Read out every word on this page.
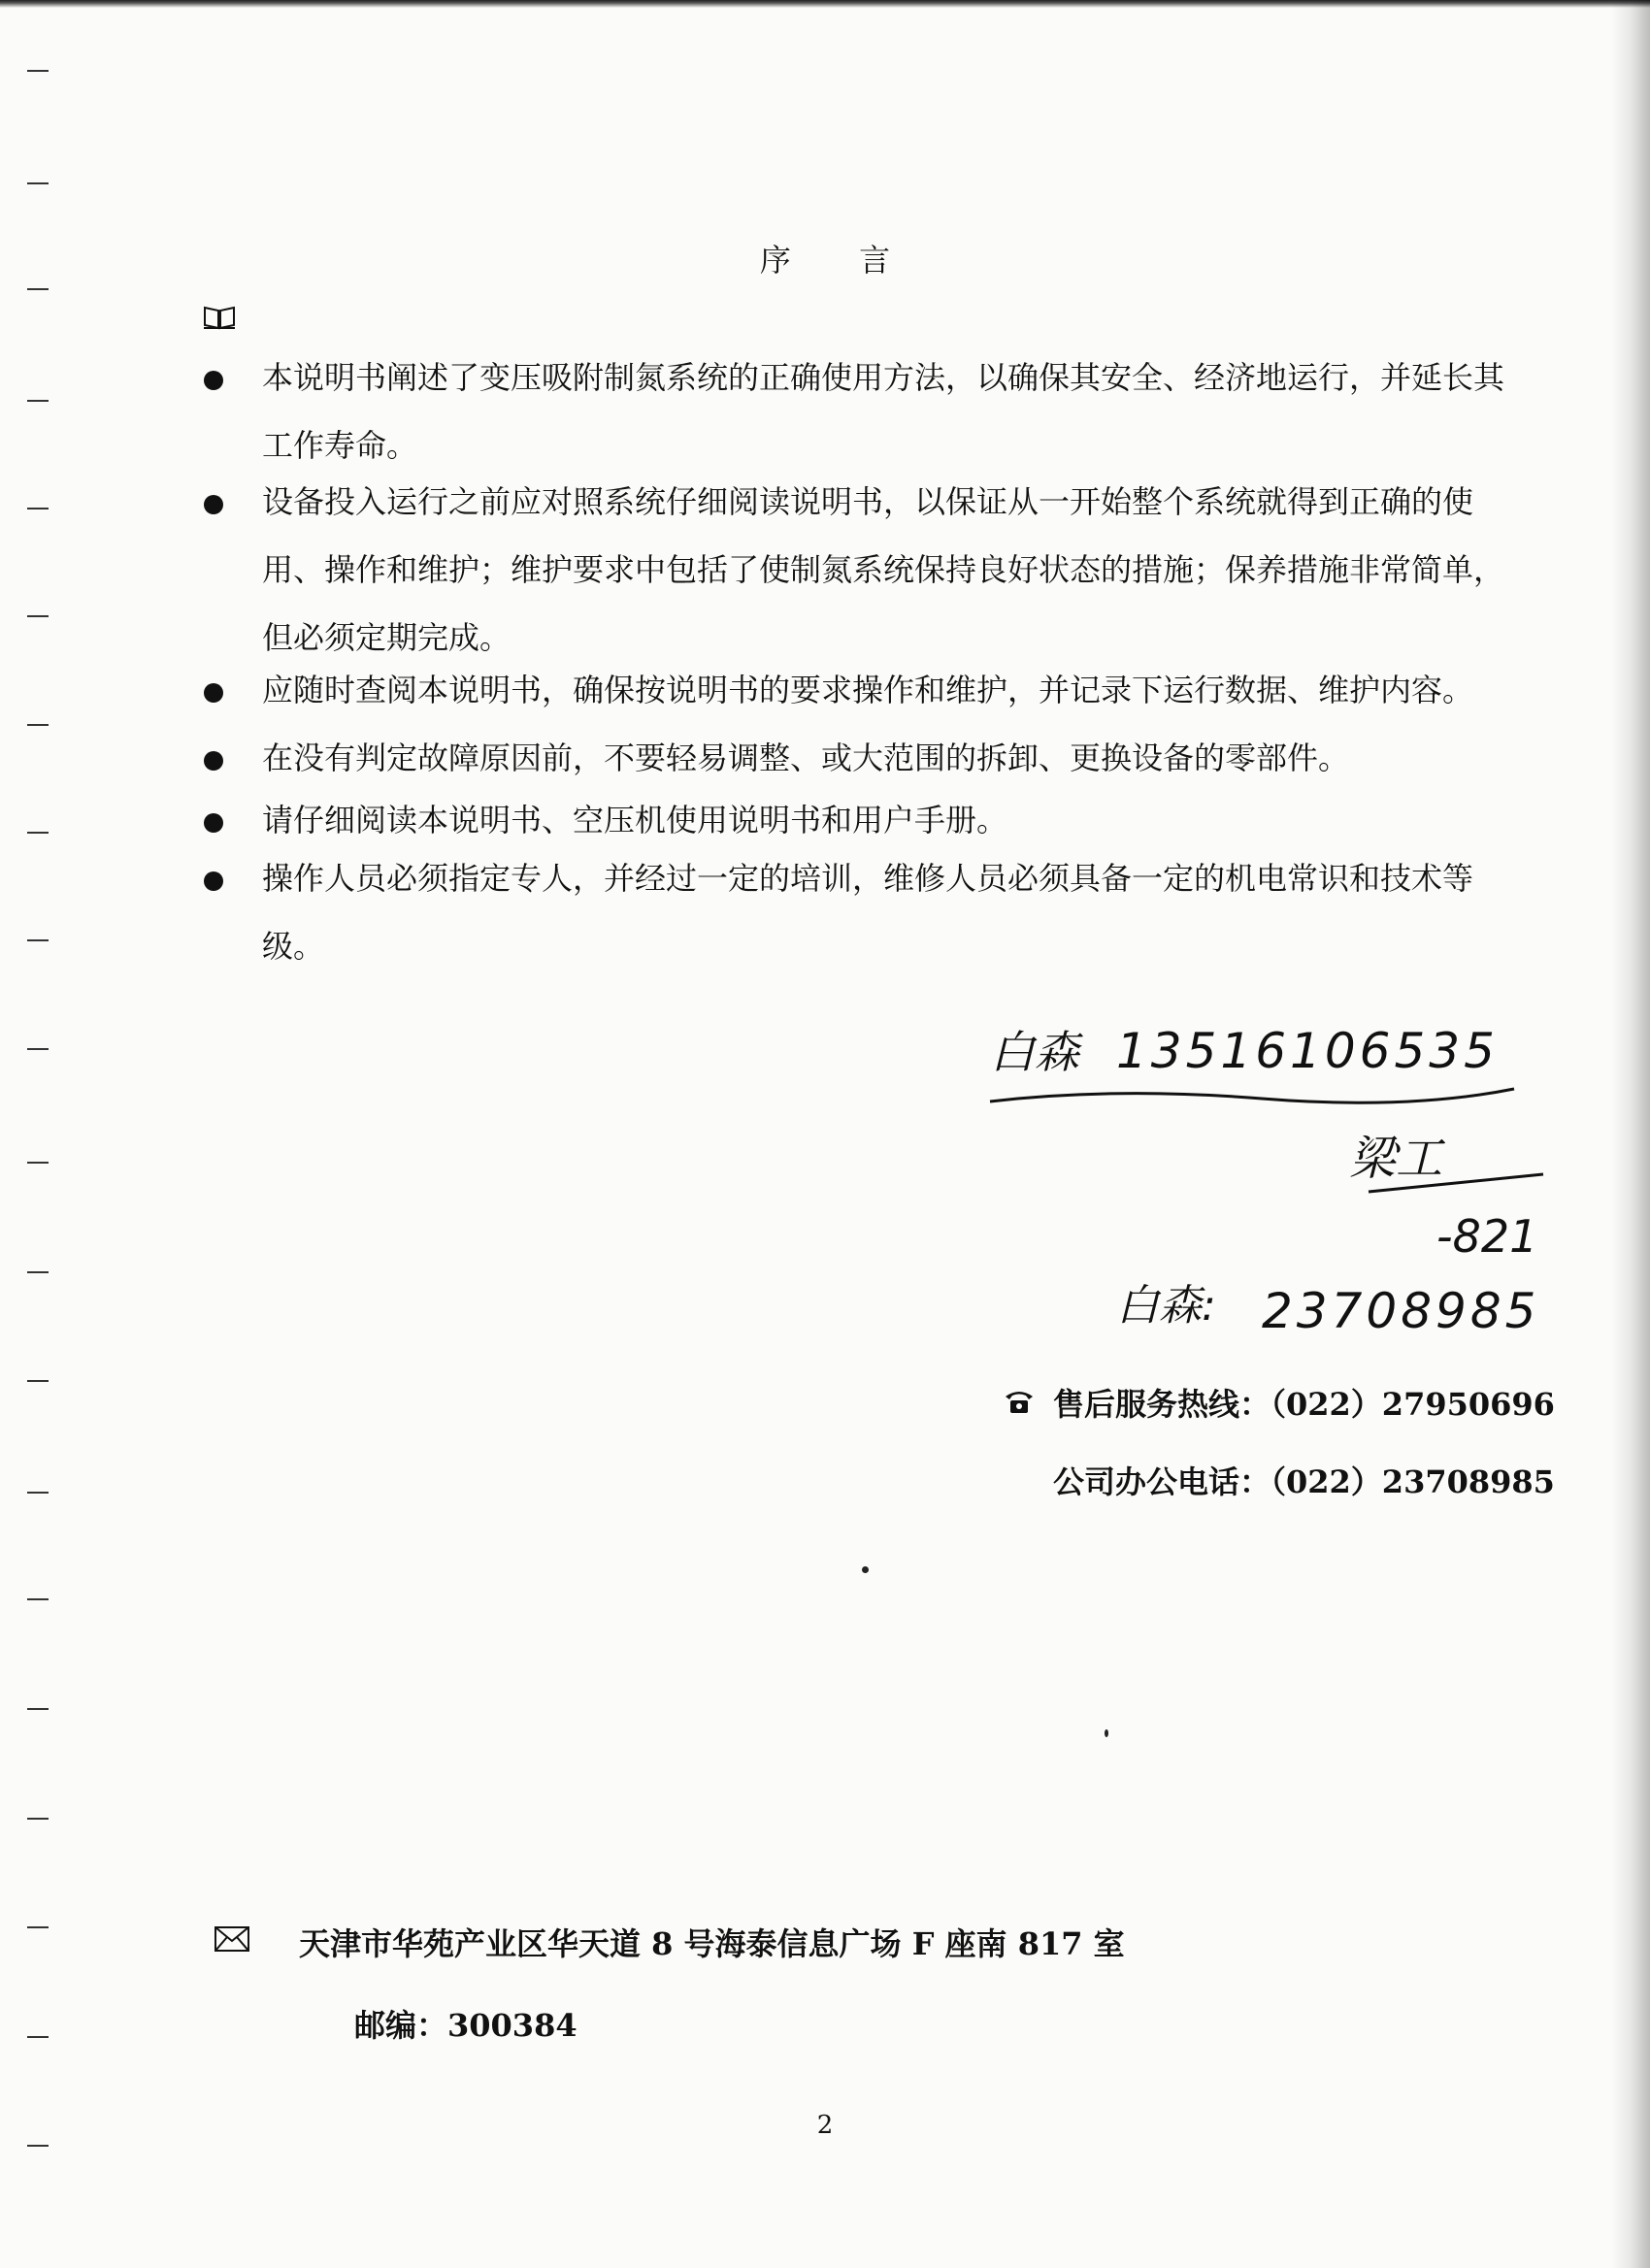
序 言
本说明书阐述了变压吸附制氮系统的正确使用方法，以确保其安全、经济地运行，并延长其工作寿命。
设备投入运行之前应对照系统仔细阅读说明书，以保证从一开始整个系统就得到正确的使用、操作和维护；维护要求中包括了使制氮系统保持良好状态的措施；保养措施非常简单，但必须定期完成。
应随时查阅本说明书，确保按说明书的要求操作和维护，并记录下运行数据、维护内容。
在没有判定故障原因前，不要轻易调整、或大范围的拆卸、更换设备的零部件。
请仔细阅读本说明书、空压机使用说明书和用户手册。
操作人员必须指定专人，并经过一定的培训，维修人员必须具备一定的机电常识和技术等级。
白森 13516106535
梁工
-821
白森: 23708985
售后服务热线：（022）27950696
公司办公电话：（022）23708985
天津市华苑产业区华天道 8 号海泰信息广场 F 座南 817 室
邮编：300384
2
